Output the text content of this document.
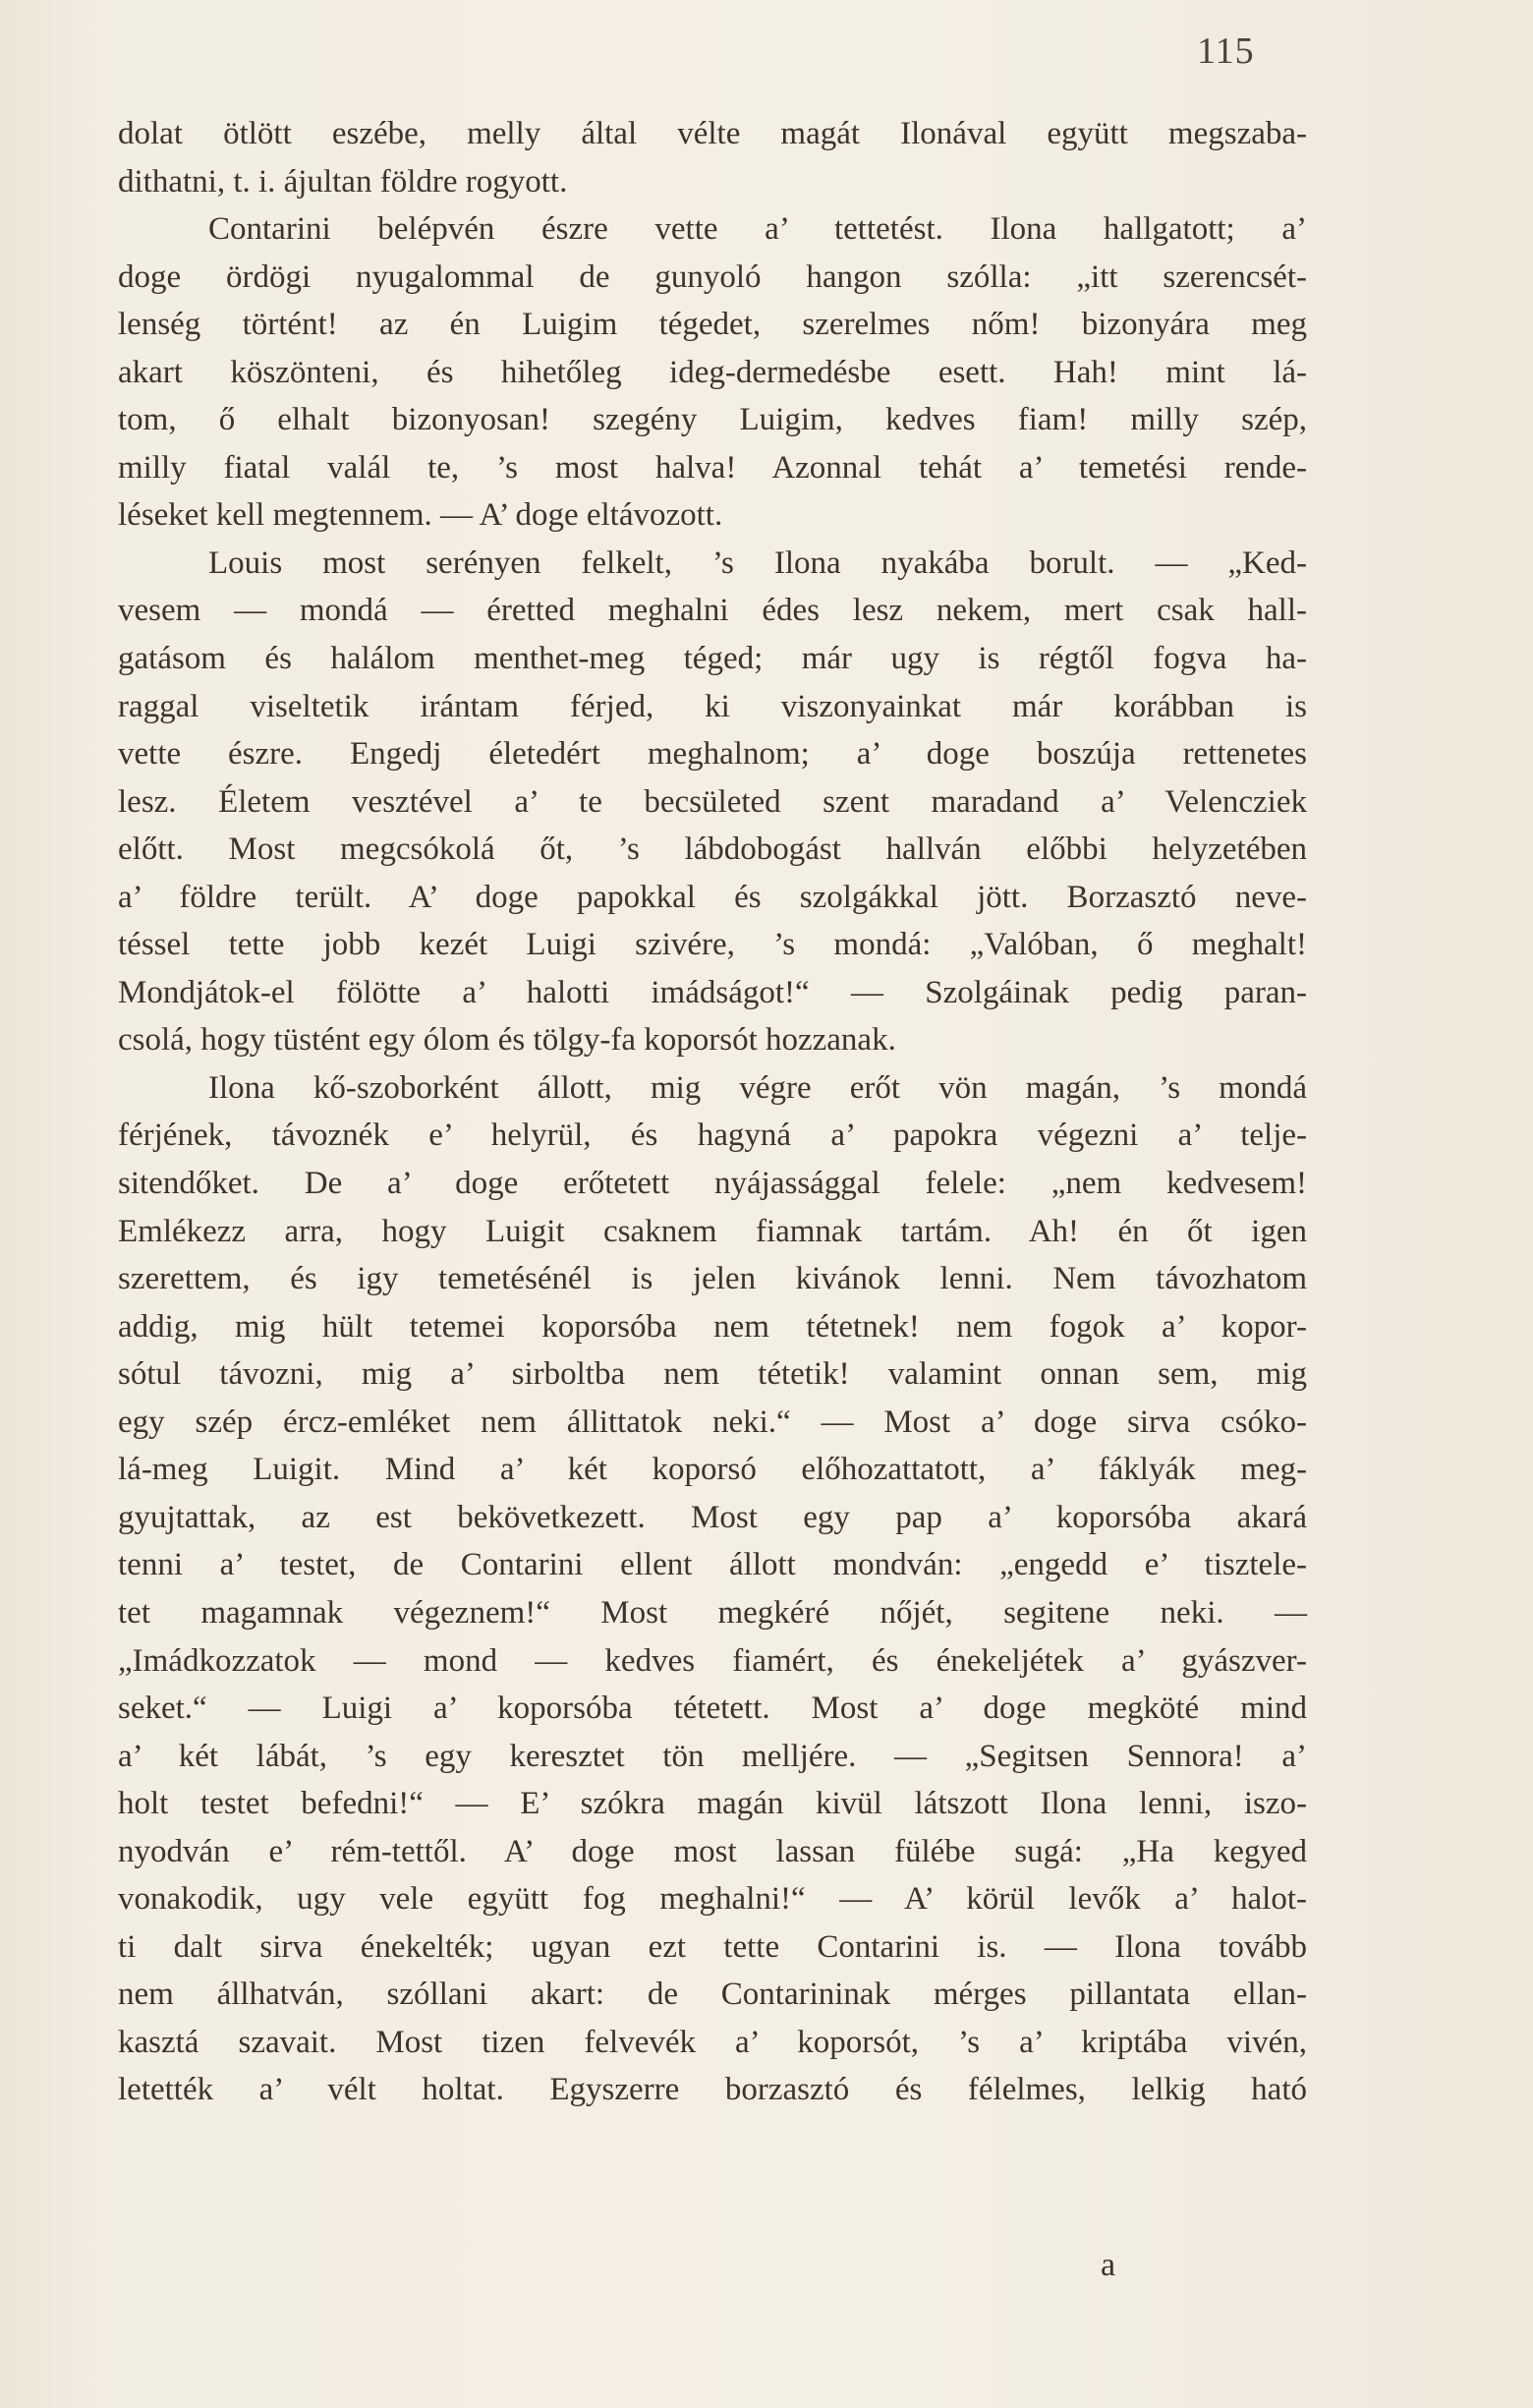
115
dolat ötlött eszébe, melly által vélte magát Ilonával együtt megszaba-
dithatni, t. i. ájultan földre rogyott.
Contarini belépvén észre vette a’ tettetést. Ilona hallgatott; a’
doge ördögi nyugalommal de gunyoló hangon szólla: „itt szerencsét-
lenség történt! az én Luigim tégedet, szerelmes nőm! bizonyára meg
akart köszönteni, és hihetőleg ideg-dermedésbe esett. Hah! mint lá-
tom, ő elhalt bizonyosan! szegény Luigim, kedves fiam! milly szép,
milly fiatal valál te, ’s most halva! Azonnal tehát a’ temetési rende-
léseket kell megtennem. — A’ doge eltávozott.
Louis most serényen felkelt, ’s Ilona nyakába borult. — „Ked-
vesem — mondá — éretted meghalni édes lesz nekem, mert csak hall-
gatásom és halálom menthet-meg téged; már ugy is régtől fogva ha-
raggal viseltetik irántam férjed, ki viszonyainkat már korábban is
vette észre. Engedj életedért meghalnom; a’ doge boszúja rettenetes
lesz. Életem vesztével a’ te becsületed szent maradand a’ Velencziek
előtt. Most megcsókolá őt, ’s lábdobogást hallván előbbi helyzetében
a’ földre terült. A’ doge papokkal és szolgákkal jött. Borzasztó neve-
téssel tette jobb kezét Luigi szivére, ’s mondá: „Valóban, ő meghalt!
Mondjátok-el fölötte a’ halotti imádságot!“ — Szolgáinak pedig paran-
csolá, hogy tüstént egy ólom és tölgy-fa koporsót hozzanak.
Ilona kő-szoborként állott, mig végre erőt vön magán, ’s mondá
férjének, távoznék e’ helyrül, és hagyná a’ papokra végezni a’ telje-
sitendőket. De a’ doge erőtetett nyájassággal felele: „nem kedvesem!
Emlékezz arra, hogy Luigit csaknem fiamnak tartám. Ah! én őt igen
szerettem, és igy temetésénél is jelen kivánok lenni. Nem távozhatom
addig, mig hült tetemei koporsóba nem tétetnek! nem fogok a’ kopor-
sótul távozni, mig a’ sirboltba nem tétetik! valamint onnan sem, mig
egy szép ércz-emléket nem állittatok neki.“ — Most a’ doge sirva csóko-
lá-meg Luigit. Mind a’ két koporsó előhozattatott, a’ fáklyák meg-
gyujtattak, az est bekövetkezett. Most egy pap a’ koporsóba akará
tenni a’ testet, de Contarini ellent állott mondván: „engedd e’ tisztele-
tet magamnak végeznem!“ Most megkéré nőjét, segitene neki. —
„Imádkozzatok — mond — kedves fiamért, és énekeljétek a’ gyászver-
seket.“ — Luigi a’ koporsóba tétetett. Most a’ doge megköté mind
a’ két lábát, ’s egy keresztet tön melljére. — „Segitsen Sennora! a’
holt testet befedni!“ — E’ szókra magán kivül látszott Ilona lenni, iszo-
nyodván e’ rém-tettől. A’ doge most lassan fülébe sugá: „Ha kegyed
vonakodik, ugy vele együtt fog meghalni!“ — A’ körül levők a’ halot-
ti dalt sirva énekelték; ugyan ezt tette Contarini is. — Ilona tovább
nem állhatván, szóllani akart: de Contarininak mérges pillantata ellan-
kasztá szavait. Most tizen felvevék a’ koporsót, ’s a’ kriptába vivén,
letették a’ vélt holtat. Egyszerre borzasztó és félelmes, lelkig ható
a
